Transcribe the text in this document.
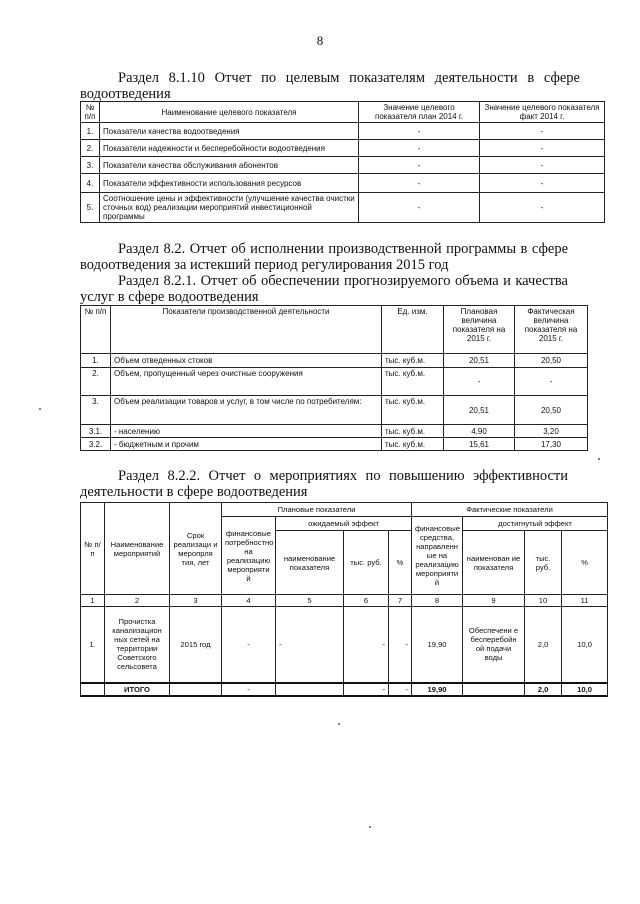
8
Раздел 8.1.10 Отчет по целевым показателям деятельности в сфере
водоотведения
№ п/п	Наименование целевого показателя	Значение целевого показателя план 2014 г.	Значение целевого показателя факт 2014 г.
1.	Показатели качества водоотведения	-	-
2.	Показатели надежности и бесперебойности водоотведения	-	-
3.	Показатели качества обслуживания абонентов	-	-
4.	Показатели эффективности использования ресурсов	-	-
5.	Соотношение цены и эффективности (улучшение качества очистки сточных вод) реализации мероприятий инвестиционной программы	-	-
Раздел 8.2. Отчет об исполнении производственной программы в сфере
водоотведения за истекший период регулирования 2015 год
Раздел 8.2.1. Отчет об обеспечении прогнозируемого объема и качества
услуг в сфере водоотведения
№ п/п	Показатели производственной деятельности	Ед. изм.	Плановая величина показателя на 2015 г.	Фактическая величина показателя на 2015 г.
1.	Объем отведенных стоков	тыс. куб.м.	20,51	20,50
2.	Объем, пропущенный через очистные сооружения	тыс. куб.м.	-	-
3.	Объем реализации товаров и услуг, в том числе по потребителям:	тыс. куб.м.	20,51	20,50
3.1.	- населению	тыс. куб.м.	4,90	3,20
3.2.	- бюджетным и прочим	тыс. куб.м.	15,61	17,30
Раздел 8.2.2. Отчет о мероприятиях по повышению эффективности
деятельности в сфере водоотведения
№ п/п	Наименование мероприятий	Срок реализаци и меропрля тия, лет	Плановые показатели				Фактические показатели			
			финансовые потребностно на реализацию мероприяти й	ожидаемый эффект			финансовые средства, направленн ые на реализацию мероприяти й	достигнутый эффект		
				наименование показателя	тыс. руб.	%		наименован ие показателя	тыс. руб.	%
1	2	3	4	5	6	7	8	9	10	11
1.	Прочистка канализацион ных сетей на территории Советского сельсовета	2015 год	-	-	-	-	19,90	Обеспечени е бесперебойн ой подачи воды	2,0	10,0
	ИТОГО		-		-	-	19,90		2,0	10,0
